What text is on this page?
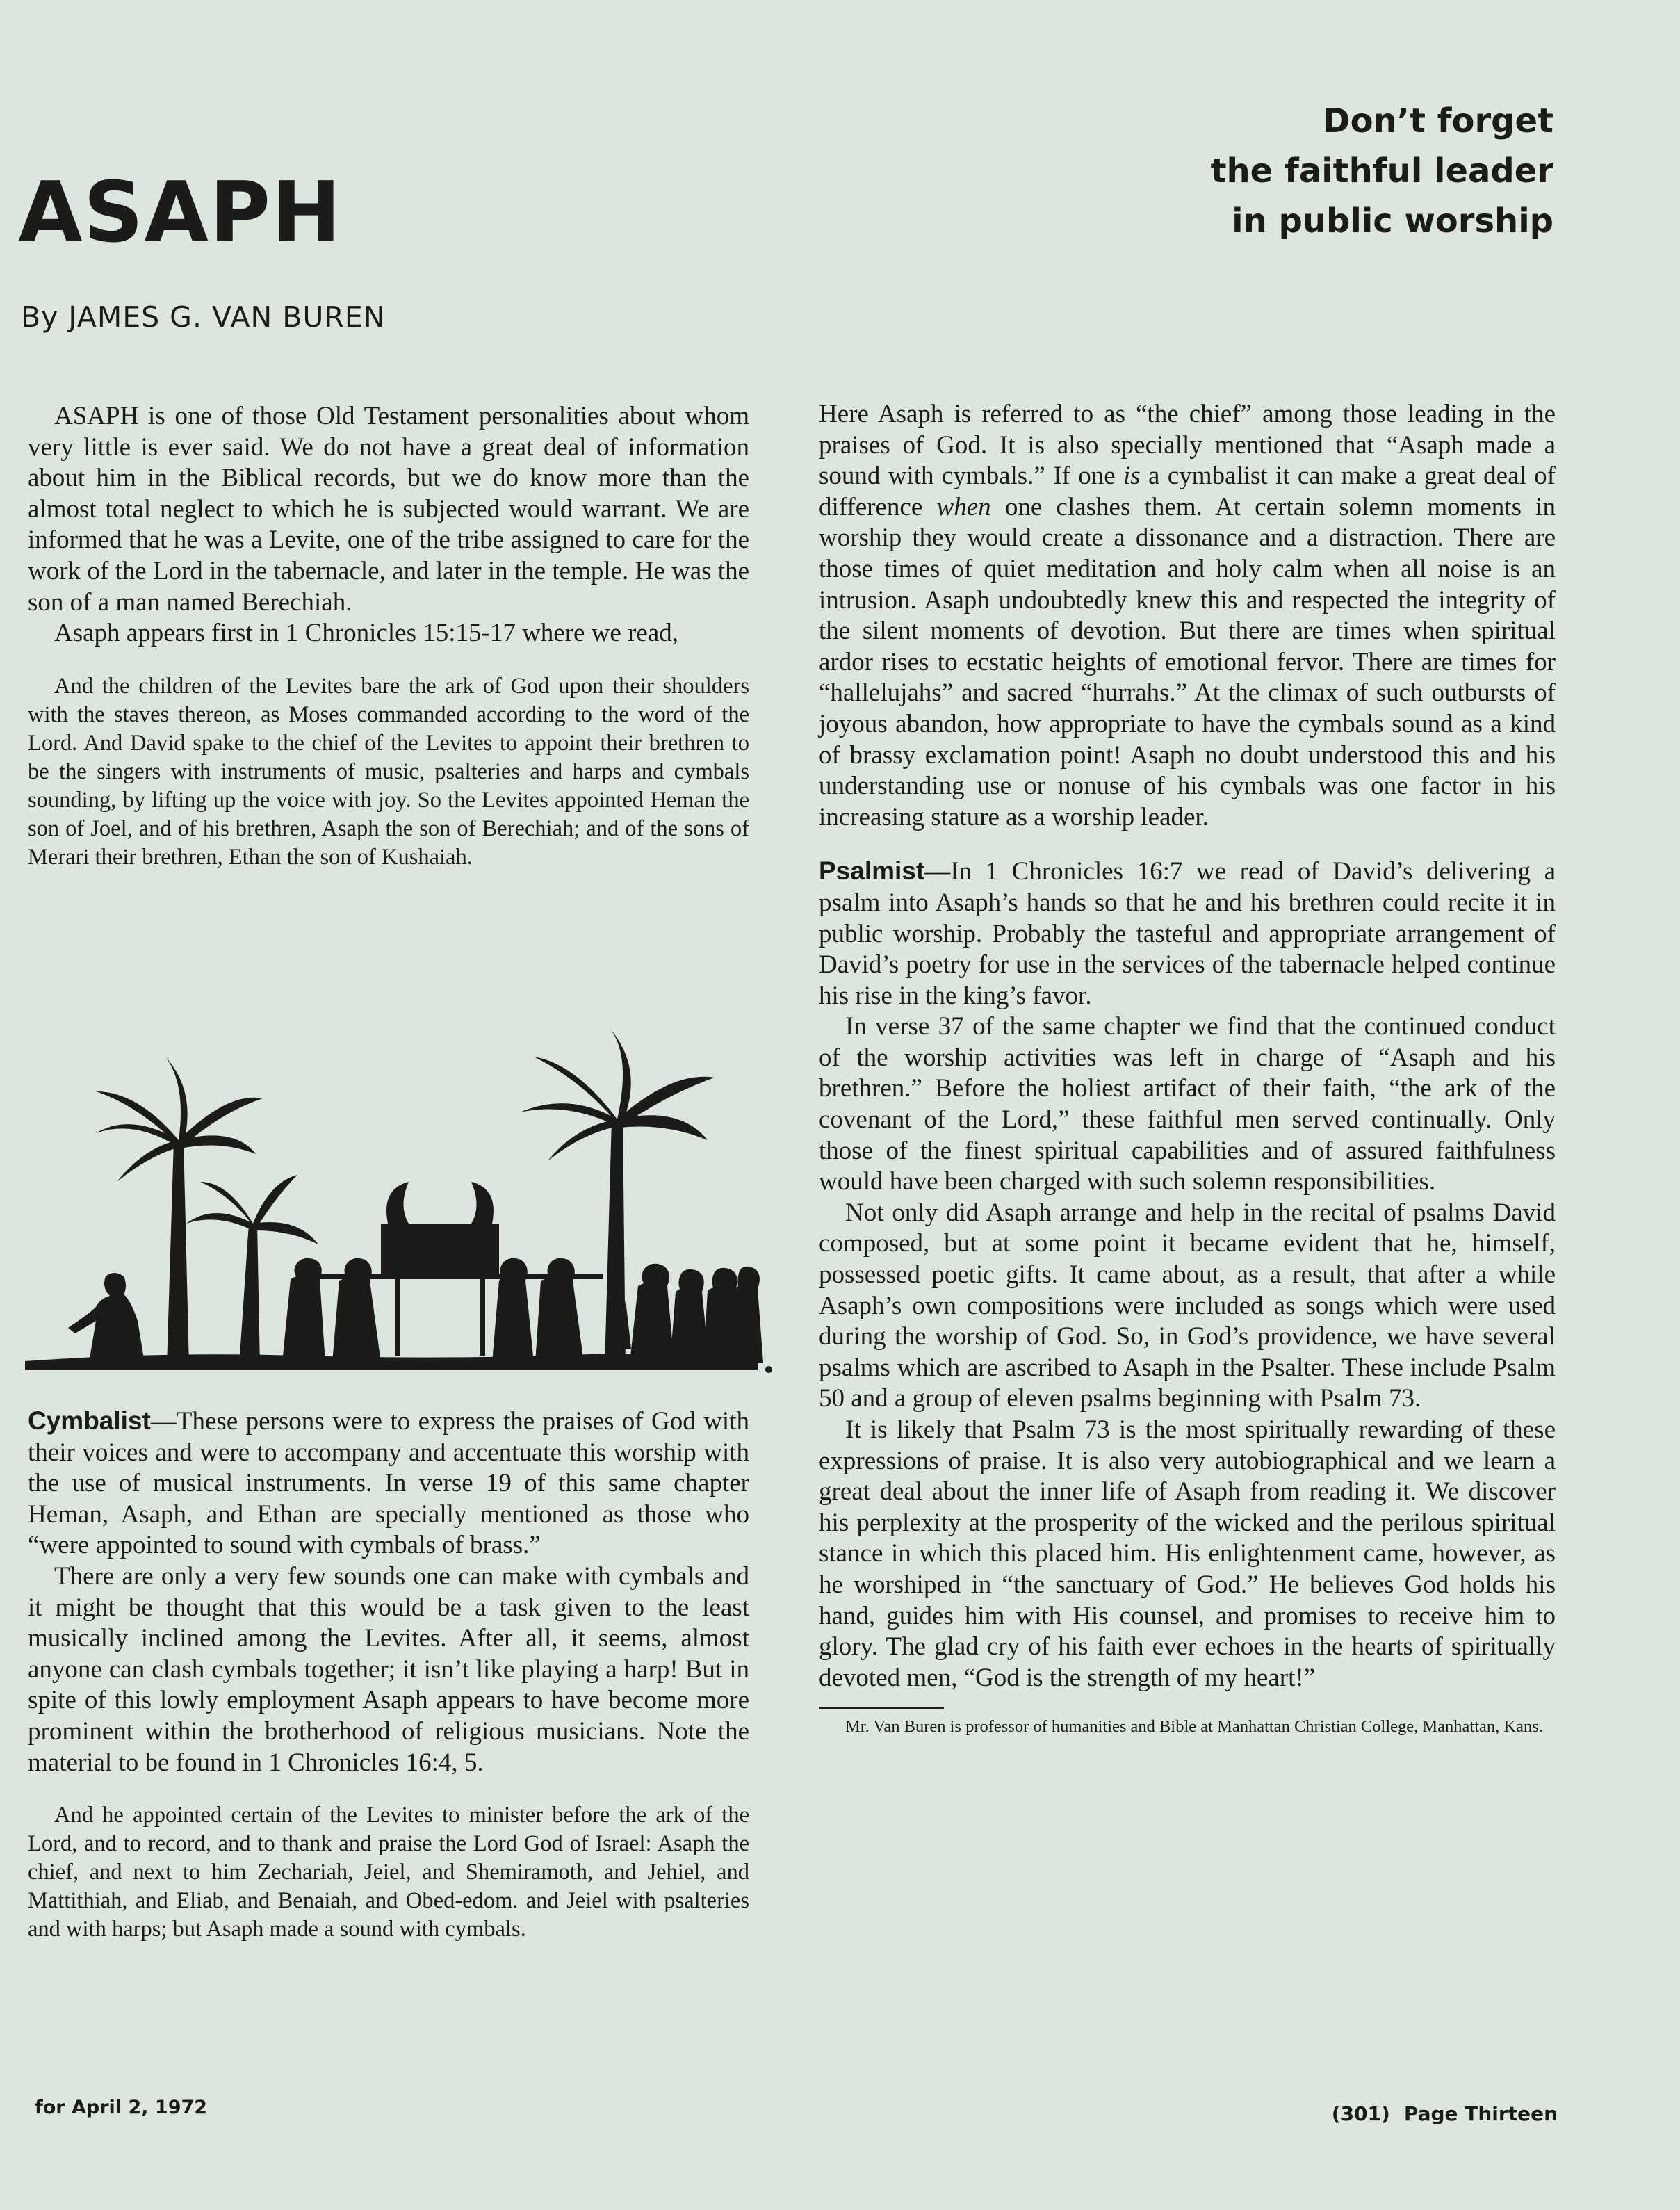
Don’t forget
the faithful leader
in public worship
ASAPH
By JAMES G. VAN BUREN

ASAPH is one of those Old Testament personalities about whom very little is ever said. We do not have a great deal of information about him in the Biblical records, but we do know more than the almost total neglect to which he is subjected would warrant. We are informed that he was a Levite, one of the tribe assigned to care for the work of the Lord in the tabernacle, and later in the temple. He was the son of a man named Berechiah.

Asaph appears first in 1 Chronicles 15:15-17 where we read,

And the children of the Levites bare the ark of God upon their shoulders with the staves thereon, as Moses commanded according to the word of the Lord. And David spake to the chief of the Levites to appoint their brethren to be the singers with instruments of music, psalteries and harps and cymbals sounding, by lifting up the voice with joy. So the Levites appointed Heman the son of Joel, and of his brethren, Asaph the son of Berechiah; and of the sons of Merari their brethren, Ethan the son of Kushaiah.

Cymbalist—These persons were to express the praises of God with their voices and were to accompany and accentuate this worship with the use of musical instruments. In verse 19 of this same chapter Heman, Asaph, and Ethan are specially mentioned as those who “were appointed to sound with cymbals of brass.”

There are only a very few sounds one can make with cymbals and it might be thought that this would be a task given to the least musically inclined among the Levites. After all, it seems, almost anyone can clash cymbals together; it isn’t like playing a harp! But in spite of this lowly employment Asaph appears to have become more prominent within the brotherhood of religious musicians. Note the material to be found in 1 Chronicles 16:4, 5.

And he appointed certain of the Levites to minister before the ark of the Lord, and to record, and to thank and praise the Lord God of Israel: Asaph the chief, and next to him Zechariah, Jeiel, and Shemiramoth, and Jehiel, and Mattithiah, and Eliab, and Benaiah, and Obed-edom. and Jeiel with psalteries and with harps; but Asaph made a sound with cymbals.

Here Asaph is referred to as “the chief” among those leading in the praises of God. It is also specially mentioned that “Asaph made a sound with cymbals.” If one is a cymbalist it can make a great deal of difference when one clashes them. At certain solemn moments in worship they would create a dissonance and a distraction. There are those times of quiet meditation and holy calm when all noise is an intrusion. Asaph undoubtedly knew this and respected the integrity of the silent moments of devotion. But there are times when spiritual ardor rises to ecstatic heights of emotional fervor. There are times for “hallelujahs” and sacred “hurrahs.” At the climax of such outbursts of joyous abandon, how appropriate to have the cymbals sound as a kind of brassy exclamation point! Asaph no doubt understood this and his understanding use or nonuse of his cymbals was one factor in his increasing stature as a worship leader.

Psalmist—In 1 Chronicles 16:7 we read of David’s delivering a psalm into Asaph’s hands so that he and his brethren could recite it in public worship. Probably the tasteful and appropriate arrangement of David’s poetry for use in the services of the tabernacle helped continue his rise in the king’s favor.

In verse 37 of the same chapter we find that the continued conduct of the worship activities was left in charge of “Asaph and his brethren.” Before the holiest artifact of their faith, “the ark of the covenant of the Lord,” these faithful men served continually. Only those of the finest spiritual capabilities and of assured faithfulness would have been charged with such solemn responsibilities.

Not only did Asaph arrange and help in the recital of psalms David composed, but at some point it became evident that he, himself, possessed poetic gifts. It came about, as a result, that after a while Asaph’s own compositions were included as songs which were used during the worship of God. So, in God’s providence, we have several psalms which are ascribed to Asaph in the Psalter. These include Psalm 50 and a group of eleven psalms beginning with Psalm 73.

It is likely that Psalm 73 is the most spiritually rewarding of these expressions of praise. It is also very autobiographical and we learn a great deal about the inner life of Asaph from reading it. We discover his perplexity at the prosperity of the wicked and the perilous spiritual stance in which this placed him. His enlightenment came, however, as he worshiped in “the sanctuary of God.” He believes God holds his hand, guides him with His counsel, and promises to receive him to glory. The glad cry of his faith ever echoes in the hearts of spiritually devoted men, “God is the strength of my heart!”

Mr. Van Buren is professor of humanities and Bible at Manhattan Christian College, Manhattan, Kans.

for April 2, 1972	(301) Page Thirteen
